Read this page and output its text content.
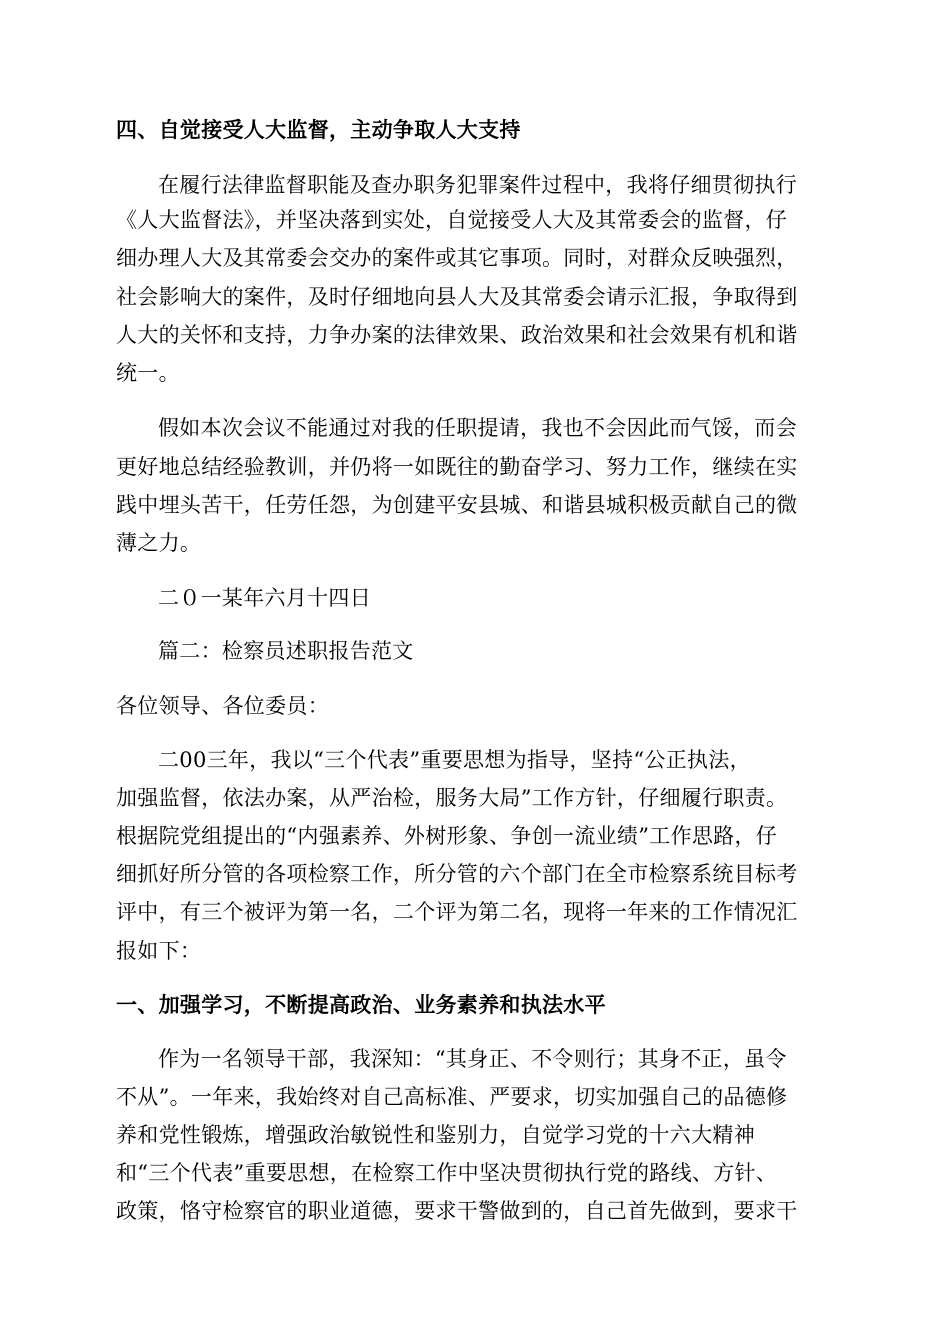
四、自觉接受人大监督，主动争取人大支持
在履行法律监督职能及查办职务犯罪案件过程中，我将仔细贯彻执行
《人大监督法》，并坚决落到实处，自觉接受人大及其常委会的监督，仔
细办理人大及其常委会交办的案件或其它事项。同时，对群众反映强烈，
社会影响大的案件，及时仔细地向县人大及其常委会请示汇报，争取得到
人大的关怀和支持，力争办案的法律效果、政治效果和社会效果有机和谐
统一。
假如本次会议不能通过对我的任职提请，我也不会因此而气馁，而会
更好地总结经验教训，并仍将一如既往的勤奋学习、努力工作，继续在实
践中埋头苦干，任劳任怨，为创建平安县城、和谐县城积极贡献自己的微
薄之力。
二０一某年六月十四日
篇二：检察员述职报告范文
各位领导、各位委员：
二00三年，我以“三个代表”重要思想为指导，坚持“公正执法，
加强监督，依法办案，从严治检，服务大局”工作方针，仔细履行职责。
根据院党组提出的“内强素养、外树形象、争创一流业绩”工作思路，仔
细抓好所分管的各项检察工作，所分管的六个部门在全市检察系统目标考
评中，有三个被评为第一名，二个评为第二名，现将一年来的工作情况汇
报如下：
一、加强学习，不断提高政治、业务素养和执法水平
作为一名领导干部，我深知：“其身正、不令则行；其身不正，虽令
不从”。一年来，我始终对自己高标准、严要求，切实加强自己的品德修
养和党性锻炼，增强政治敏锐性和鉴别力，自觉学习党的十六大精神
和“三个代表”重要思想，在检察工作中坚决贯彻执行党的路线、方针、
政策，恪守检察官的职业道德，要求干警做到的，自己首先做到，要求干
